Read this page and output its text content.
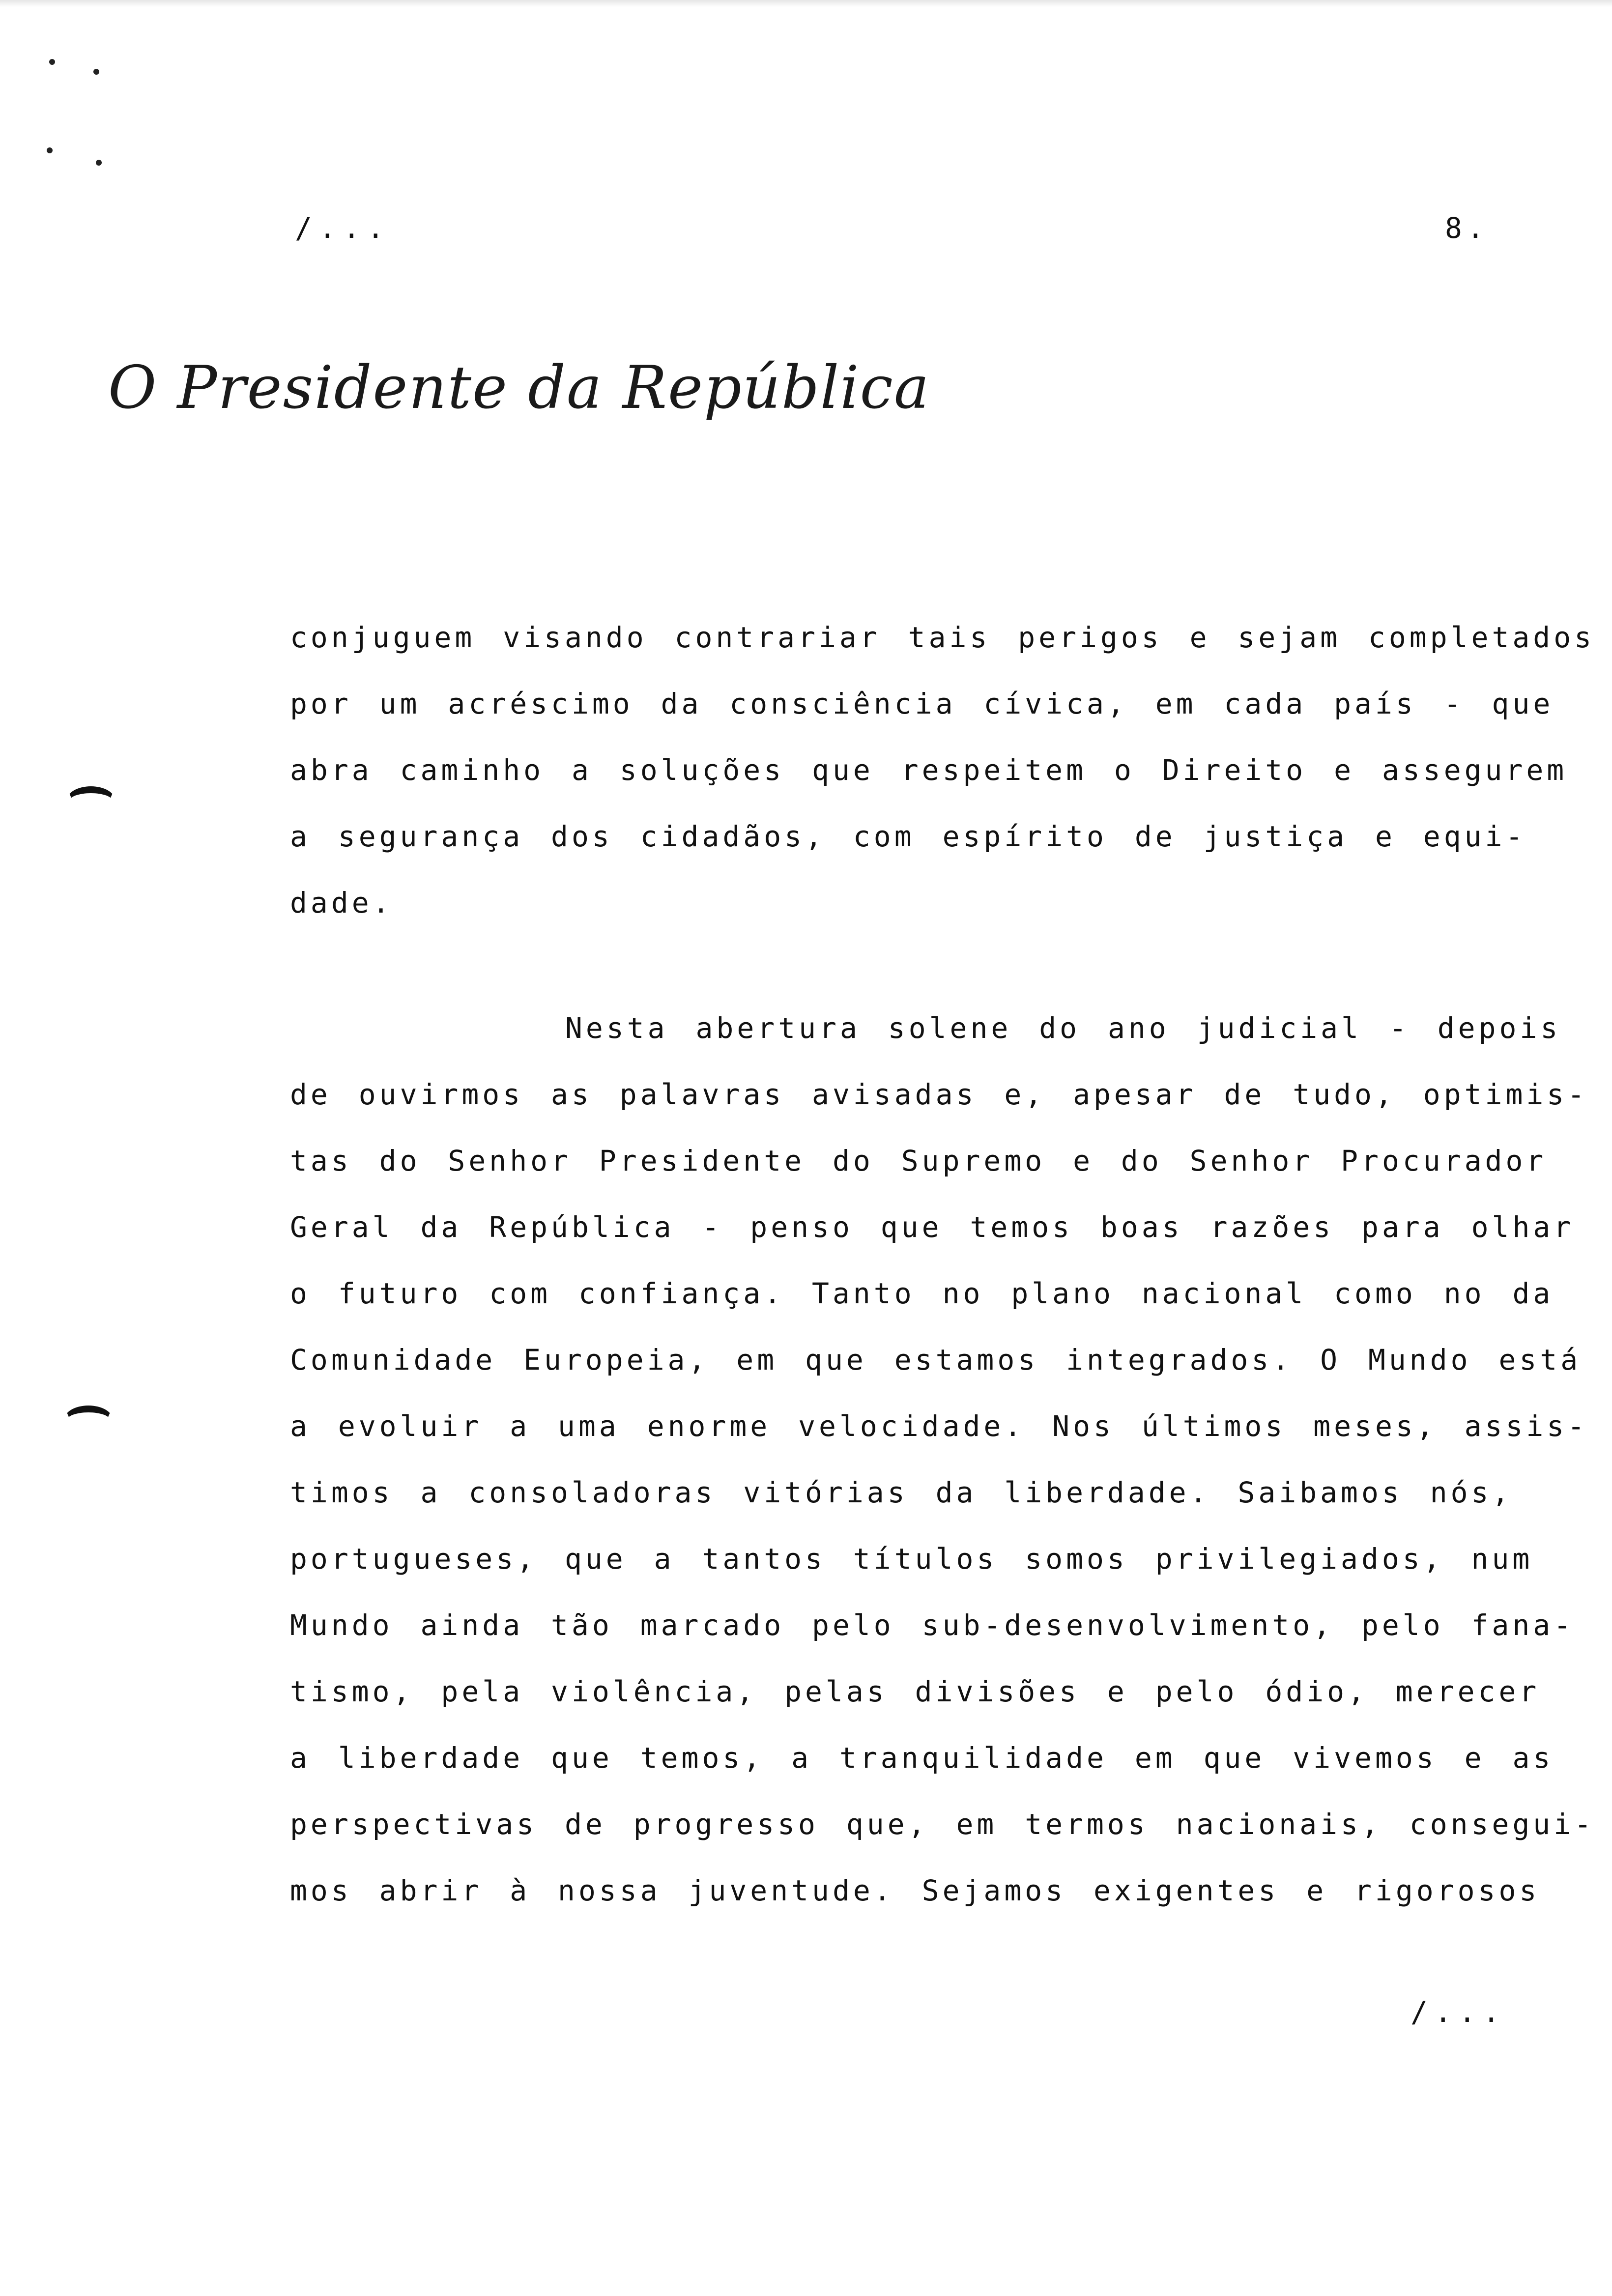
/...	8.
O Presidente da República
conjuguem visando contrariar tais perigos e sejam completados
por um acréscimo da consciência cívica, em cada país - que
abra caminho a soluções que respeitem o Direito e assegurem
a segurança dos cidadãos, com espírito de justiça e equi-
dade.
Nesta abertura solene do ano judicial - depois
de ouvirmos as palavras avisadas e, apesar de tudo, optimis-
tas do Senhor Presidente do Supremo e do Senhor Procurador
Geral da República - penso que temos boas razões para olhar
o futuro com confiança. Tanto no plano nacional como no da
Comunidade Europeia, em que estamos integrados. O Mundo está
a evoluir a uma enorme velocidade. Nos últimos meses, assis-
timos a consoladoras vitórias da liberdade. Saibamos nós,
portugueses, que a tantos títulos somos privilegiados, num
Mundo ainda tão marcado pelo sub-desenvolvimento, pelo fana-
tismo, pela violência, pelas divisões e pelo ódio, merecer
a liberdade que temos, a tranquilidade em que vivemos e as
perspectivas de progresso que, em termos nacionais, consegui-
mos abrir à nossa juventude. Sejamos exigentes e rigorosos
/...
